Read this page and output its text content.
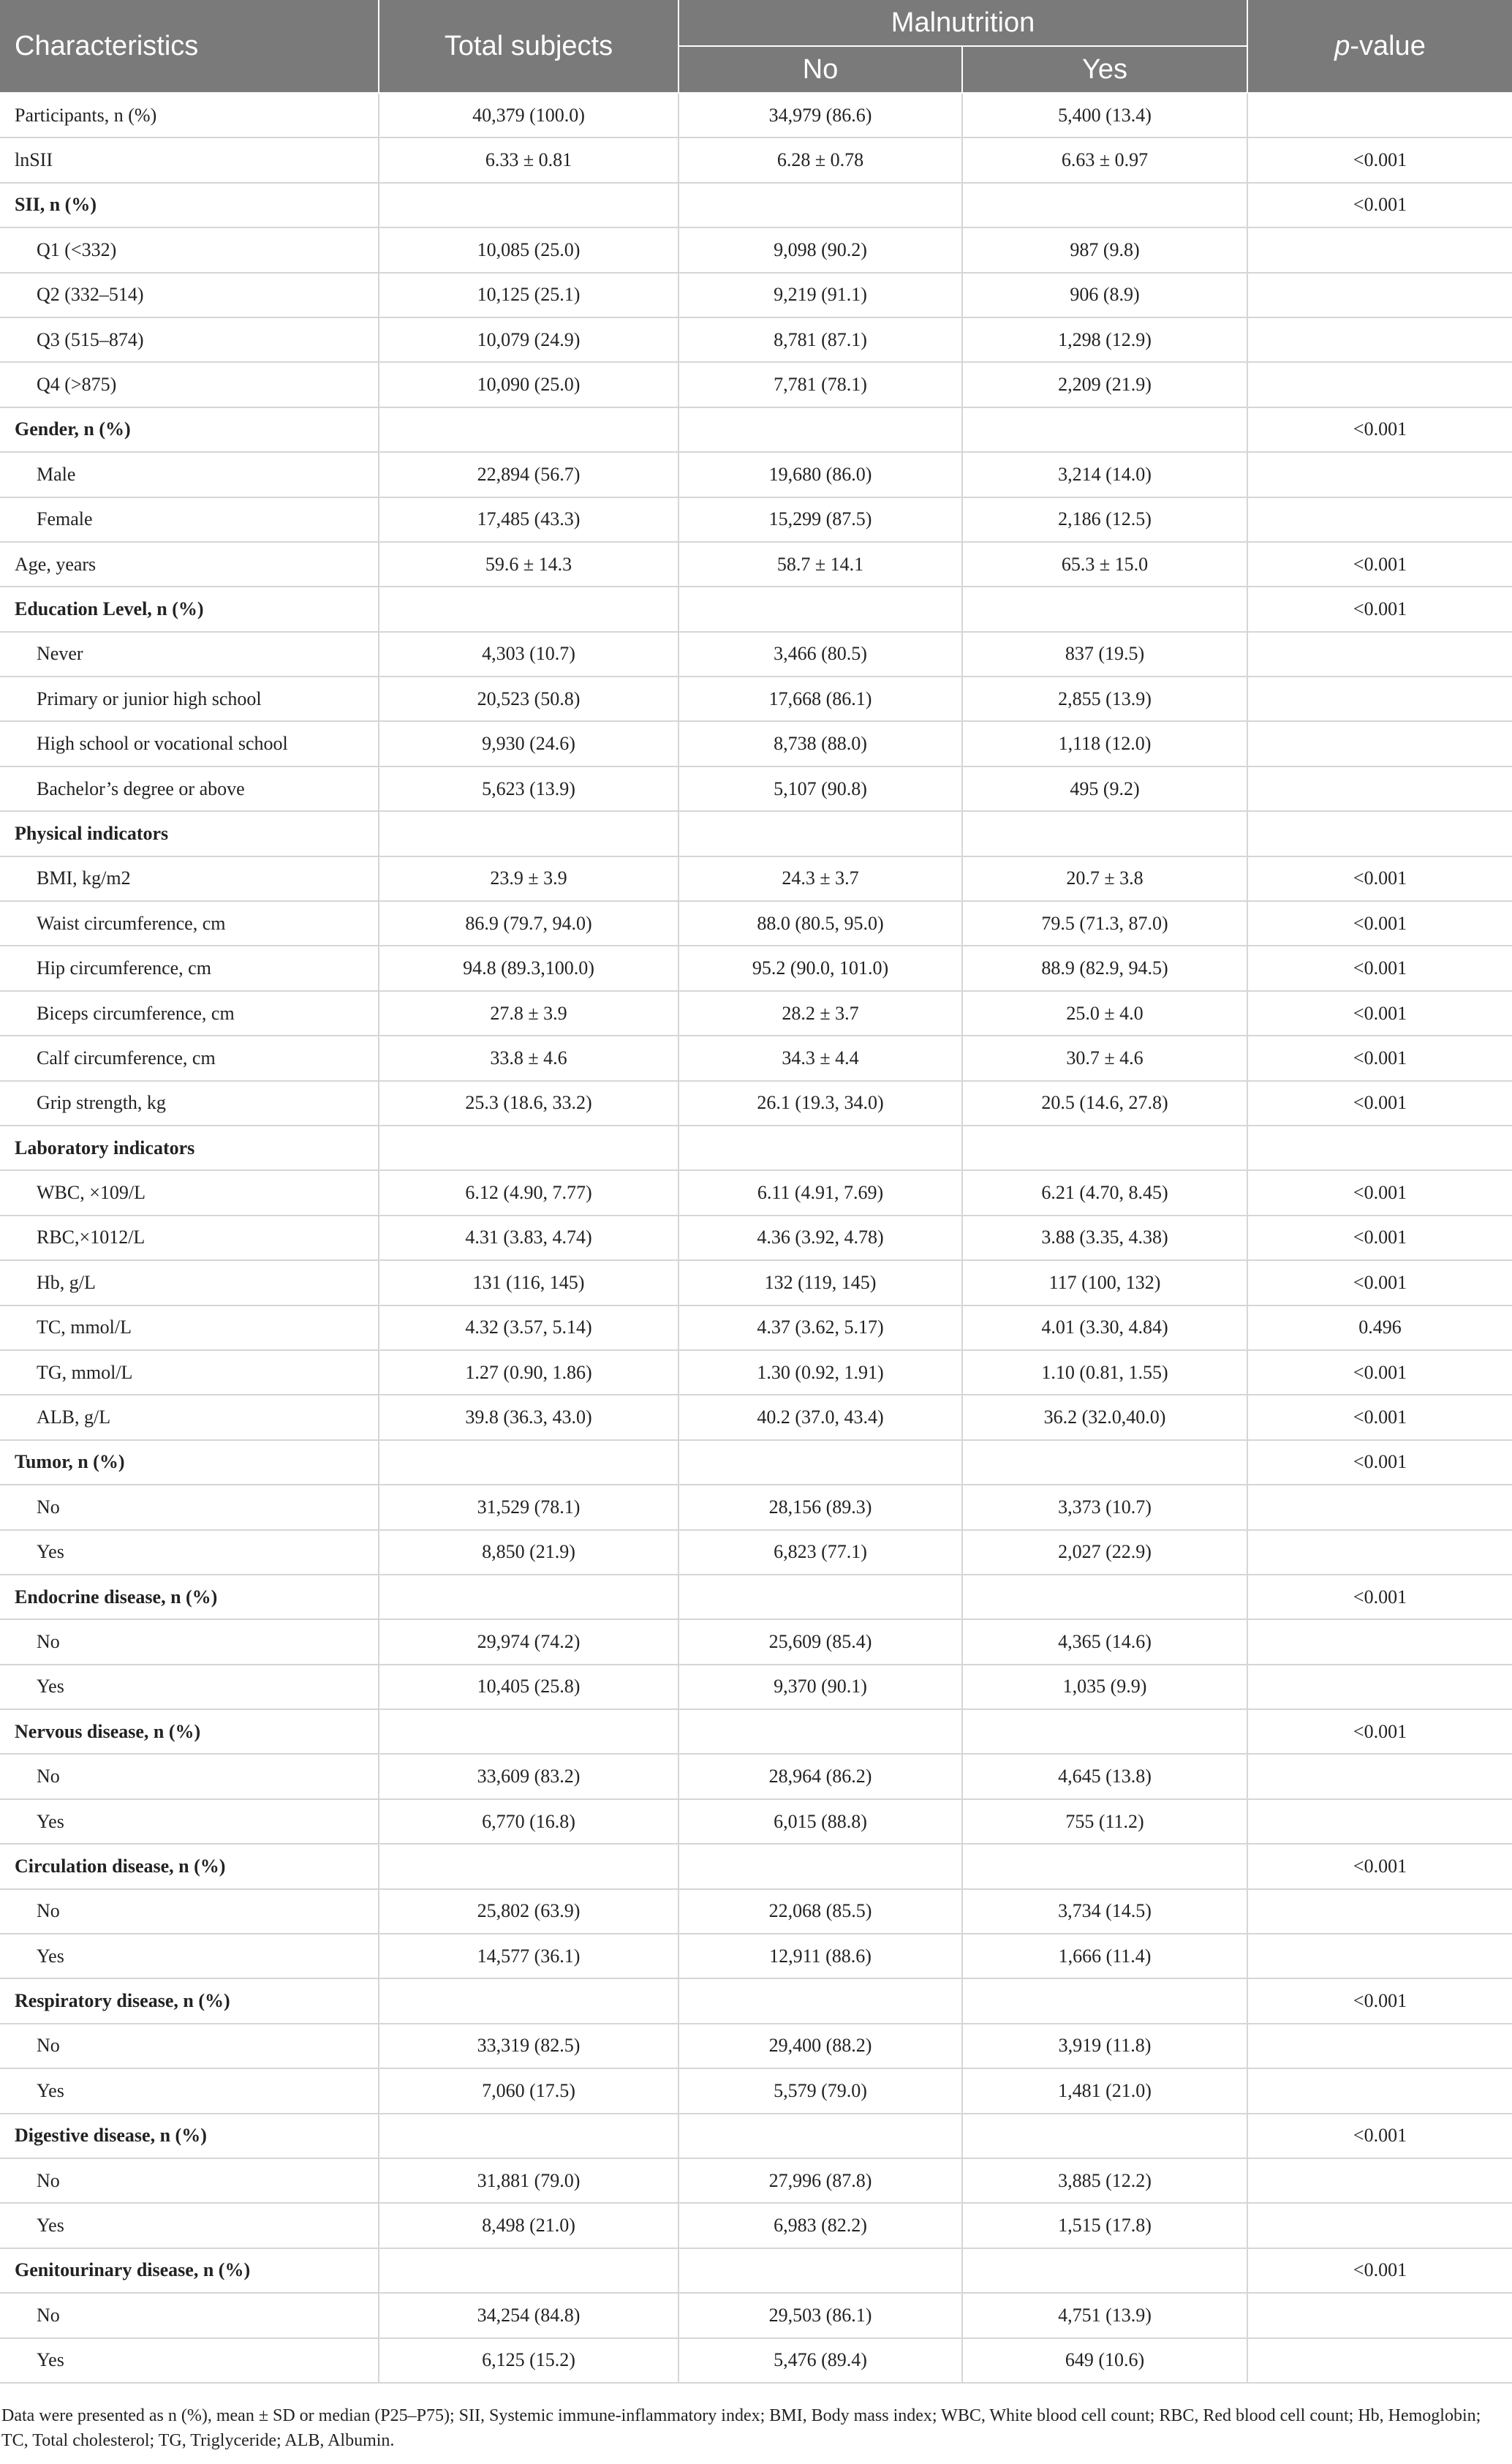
Characteristics	Total subjects	Malnutrition		p-value
		No	Yes	
Participants, n (%)	40,379 (100.0)	34,979 (86.6)	5,400 (13.4)	
lnSII	6.33 ± 0.81	6.28 ± 0.78	6.63 ± 0.97	<0.001
SII, n (%)				<0.001
Q1 (<332)	10,085 (25.0)	9,098 (90.2)	987 (9.8)	
Q2 (332–514)	10,125 (25.1)	9,219 (91.1)	906 (8.9)	
Q3 (515–874)	10,079 (24.9)	8,781 (87.1)	1,298 (12.9)	
Q4 (>875)	10,090 (25.0)	7,781 (78.1)	2,209 (21.9)	
Gender, n (%)				<0.001
Male	22,894 (56.7)	19,680 (86.0)	3,214 (14.0)	
Female	17,485 (43.3)	15,299 (87.5)	2,186 (12.5)	
Age, years	59.6 ± 14.3	58.7 ± 14.1	65.3 ± 15.0	<0.001
Education Level, n (%)				<0.001
Never	4,303 (10.7)	3,466 (80.5)	837 (19.5)	
Primary or junior high school	20,523 (50.8)	17,668 (86.1)	2,855 (13.9)	
High school or vocational school	9,930 (24.6)	8,738 (88.0)	1,118 (12.0)	
Bachelor’s degree or above	5,623 (13.9)	5,107 (90.8)	495 (9.2)	
Physical indicators				
BMI, kg/m2	23.9 ± 3.9	24.3 ± 3.7	20.7 ± 3.8	<0.001
Waist circumference, cm	86.9 (79.7, 94.0)	88.0 (80.5, 95.0)	79.5 (71.3, 87.0)	<0.001
Hip circumference, cm	94.8 (89.3,100.0)	95.2 (90.0, 101.0)	88.9 (82.9, 94.5)	<0.001
Biceps circumference, cm	27.8 ± 3.9	28.2 ± 3.7	25.0 ± 4.0	<0.001
Calf circumference, cm	33.8 ± 4.6	34.3 ± 4.4	30.7 ± 4.6	<0.001
Grip strength, kg	25.3 (18.6, 33.2)	26.1 (19.3, 34.0)	20.5 (14.6, 27.8)	<0.001
Laboratory indicators				
WBC, ×109/L	6.12 (4.90, 7.77)	6.11 (4.91, 7.69)	6.21 (4.70, 8.45)	<0.001
RBC,×1012/L	4.31 (3.83, 4.74)	4.36 (3.92, 4.78)	3.88 (3.35, 4.38)	<0.001
Hb, g/L	131 (116, 145)	132 (119, 145)	117 (100, 132)	<0.001
TC, mmol/L	4.32 (3.57, 5.14)	4.37 (3.62, 5.17)	4.01 (3.30, 4.84)	0.496
TG, mmol/L	1.27 (0.90, 1.86)	1.30 (0.92, 1.91)	1.10 (0.81, 1.55)	<0.001
ALB, g/L	39.8 (36.3, 43.0)	40.2 (37.0, 43.4)	36.2 (32.0,40.0)	<0.001
Tumor, n (%)				<0.001
No	31,529 (78.1)	28,156 (89.3)	3,373 (10.7)	
Yes	8,850 (21.9)	6,823 (77.1)	2,027 (22.9)	
Endocrine disease, n (%)				<0.001
No	29,974 (74.2)	25,609 (85.4)	4,365 (14.6)	
Yes	10,405 (25.8)	9,370 (90.1)	1,035 (9.9)	
Nervous disease, n (%)				<0.001
No	33,609 (83.2)	28,964 (86.2)	4,645 (13.8)	
Yes	6,770 (16.8)	6,015 (88.8)	755 (11.2)	
Circulation disease, n (%)				<0.001
No	25,802 (63.9)	22,068 (85.5)	3,734 (14.5)	
Yes	14,577 (36.1)	12,911 (88.6)	1,666 (11.4)	
Respiratory disease, n (%)				<0.001
No	33,319 (82.5)	29,400 (88.2)	3,919 (11.8)	
Yes	7,060 (17.5)	5,579 (79.0)	1,481 (21.0)	
Digestive disease, n (%)				<0.001
No	31,881 (79.0)	27,996 (87.8)	3,885 (12.2)	
Yes	8,498 (21.0)	6,983 (82.2)	1,515 (17.8)	
Genitourinary disease, n (%)				<0.001
No	34,254 (84.8)	29,503 (86.1)	4,751 (13.9)	
Yes	6,125 (15.2)	5,476 (89.4)	649 (10.6)	
Data were presented as n (%), mean ± SD or median (P25–P75); SII, Systemic immune-inflammatory index; BMI, Body mass index; WBC, White blood cell count; RBC, Red blood cell count; Hb, Hemoglobin; TC, Total cholesterol; TG, Triglyceride; ALB, Albumin.
